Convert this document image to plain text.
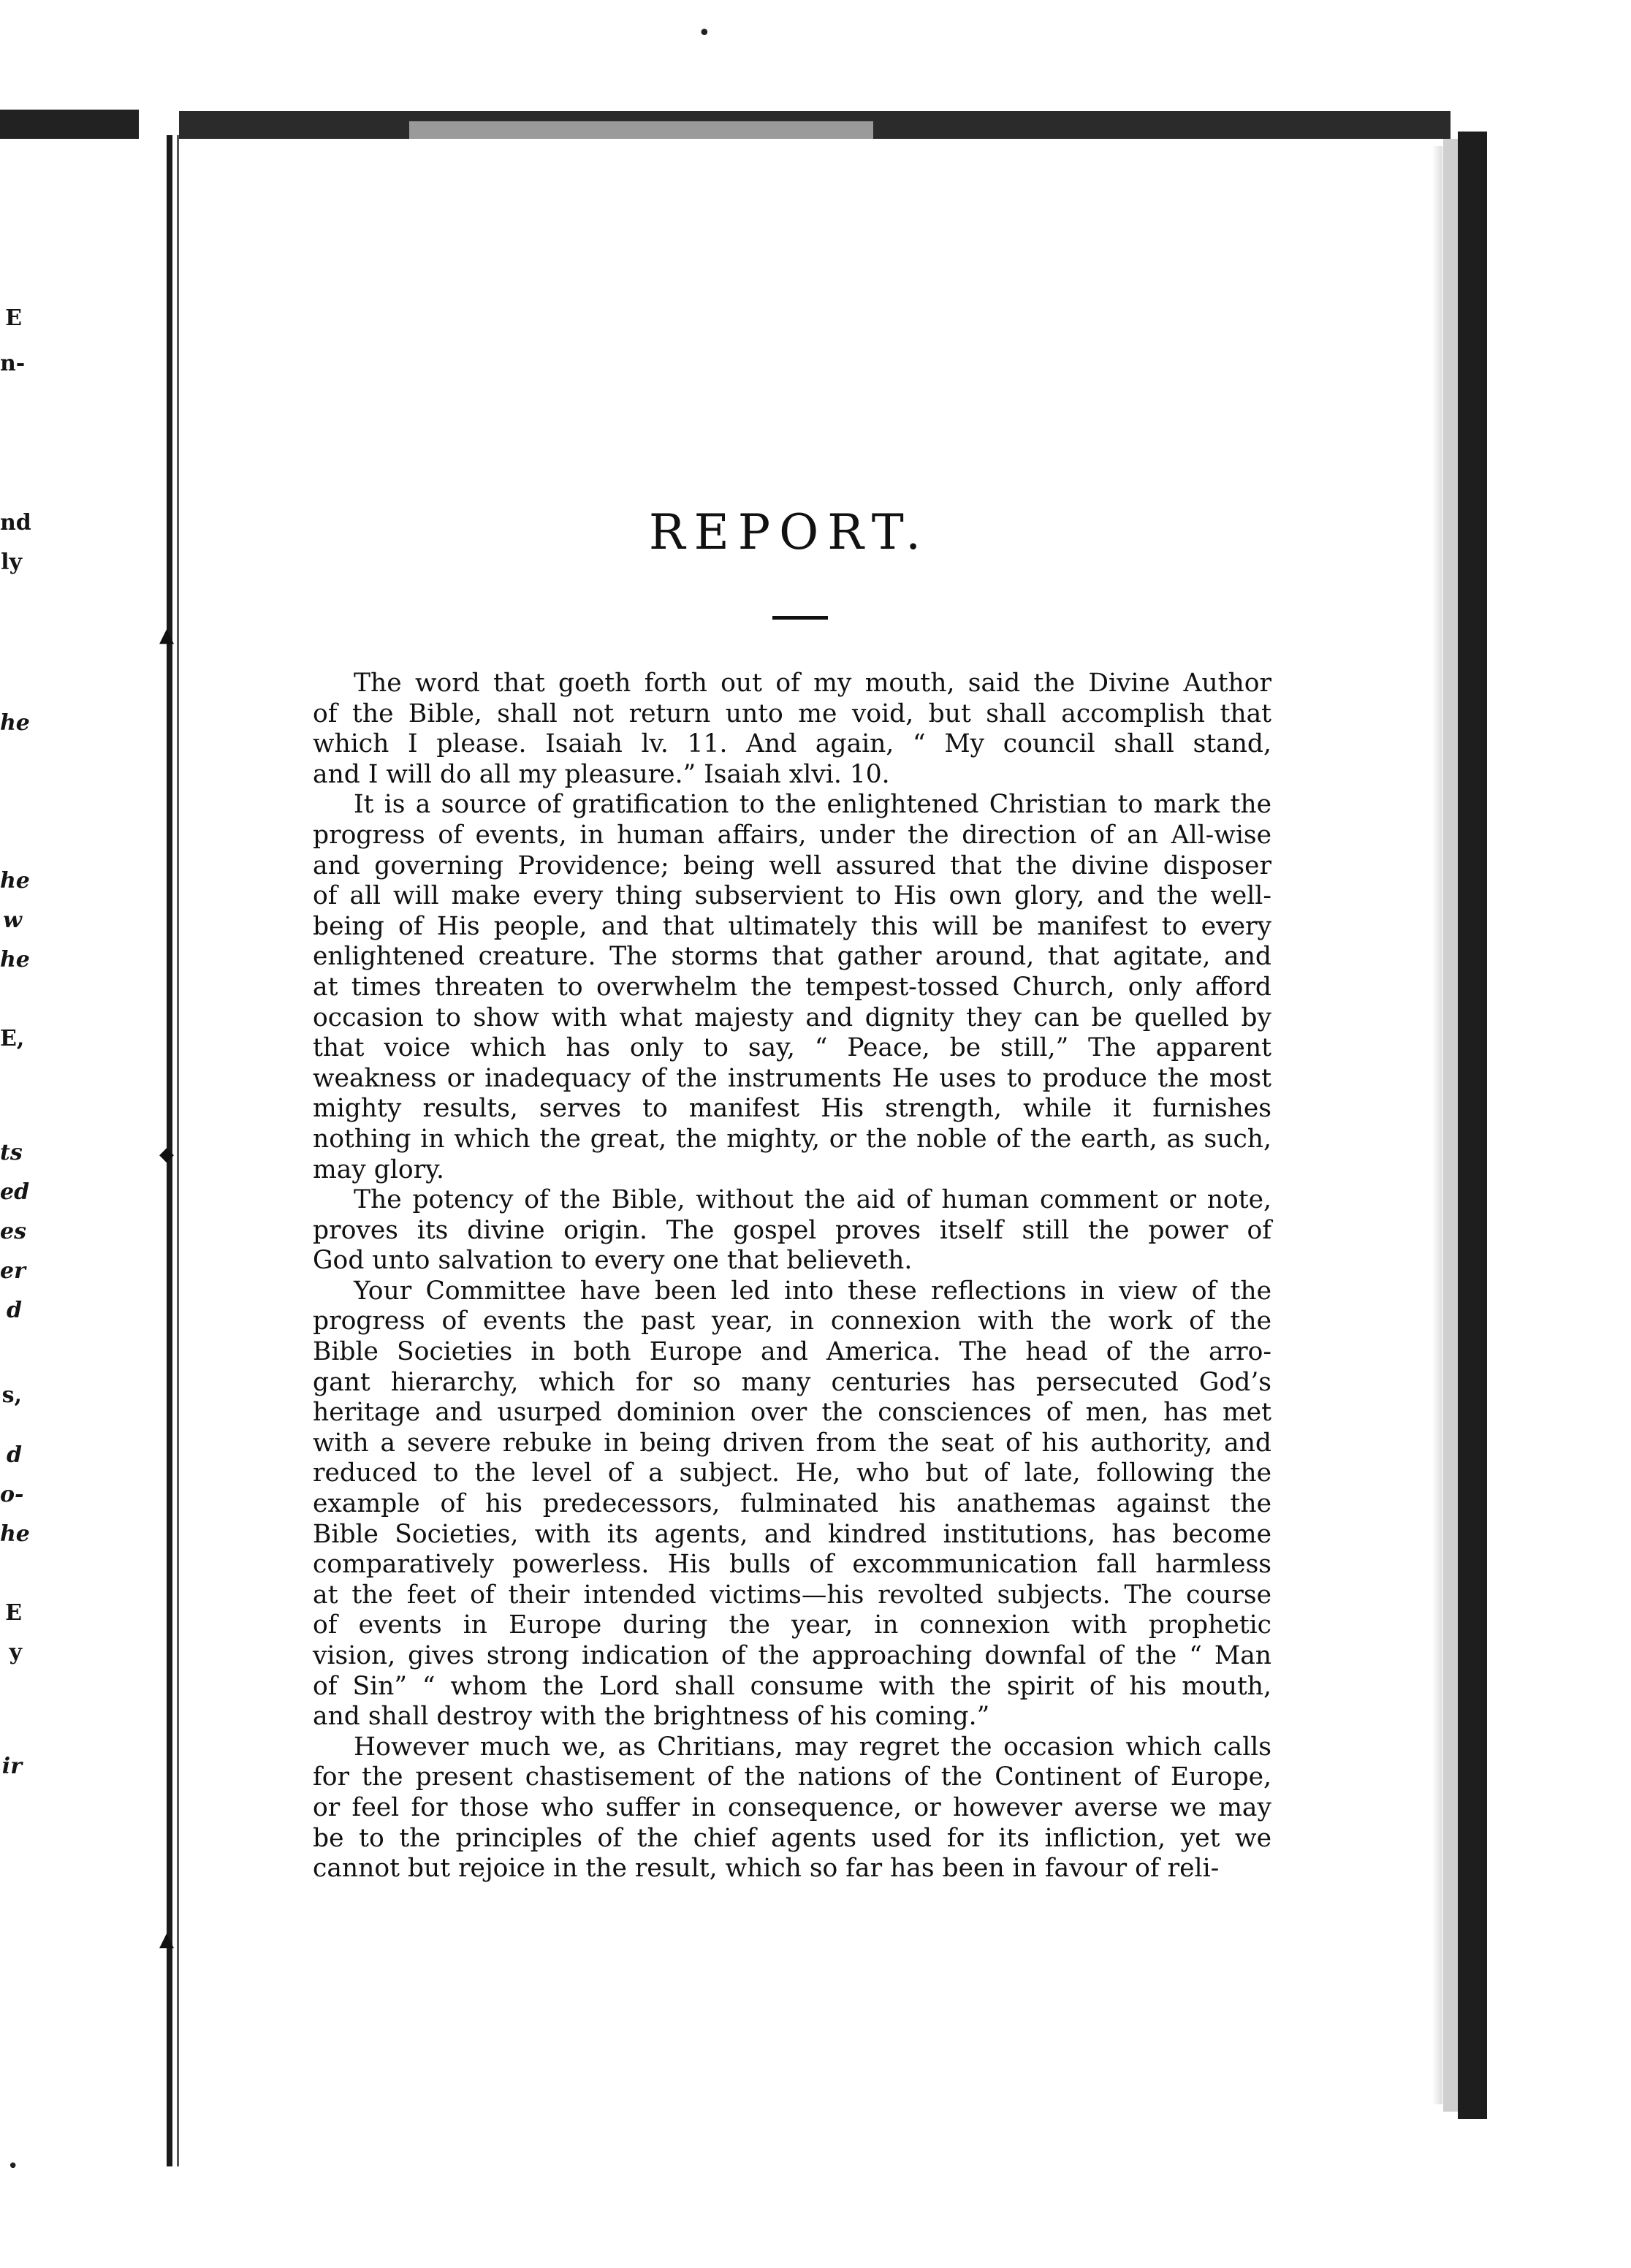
•
▲
◆
▲
E
n-
nd
ly
he
he
w
he
E,
ts
ed
es
er
d
s,
d
o-
he
E
y
ir
REPORT.
The word that goeth forth out of my mouth, said the Divine Author
of the Bible, shall not return unto me void, but shall accomplish that
which I please. Isaiah lv. 11. And again, “ My council shall stand,
and I will do all my pleasure.” Isaiah xlvi. 10.
It is a source of gratification to the enlightened Christian to mark the
progress of events, in human affairs, under the direction of an All-wise
and governing Providence; being well assured that the divine disposer
of all will make every thing subservient to His own glory, and the well-
being of His people, and that ultimately this will be manifest to every
enlightened creature. The storms that gather around, that agitate, and
at times threaten to overwhelm the tempest-tossed Church, only afford
occasion to show with what majesty and dignity they can be quelled by
that voice which has only to say, “ Peace, be still,” The apparent
weakness or inadequacy of the instruments He uses to produce the most
mighty results, serves to manifest His strength, while it furnishes
nothing in which the great, the mighty, or the noble of the earth, as such,
may glory.
The potency of the Bible, without the aid of human comment or note,
proves its divine origin. The gospel proves itself still the power of
God unto salvation to every one that believeth.
Your Committee have been led into these reflections in view of the
progress of events the past year, in connexion with the work of the
Bible Societies in both Europe and America. The head of the arro-
gant hierarchy, which for so many centuries has persecuted God’s
heritage and usurped dominion over the consciences of men, has met
with a severe rebuke in being driven from the seat of his authority, and
reduced to the level of a subject. He, who but of late, following the
example of his predecessors, fulminated his anathemas against the
Bible Societies, with its agents, and kindred institutions, has become
comparatively powerless. His bulls of excommunication fall harmless
at the feet of their intended victims—his revolted subjects. The course
of events in Europe during the year, in connexion with prophetic
vision, gives strong indication of the approaching downfal of the “ Man
of Sin” “ whom the Lord shall consume with the spirit of his mouth,
and shall destroy with the brightness of his coming.”
However much we, as Chritians, may regret the occasion which calls
for the present chastisement of the nations of the Continent of Europe,
or feel for those who suffer in consequence, or however averse we may
be to the principles of the chief agents used for its infliction, yet we
cannot but rejoice in the result, which so far has been in favour of reli-
•
